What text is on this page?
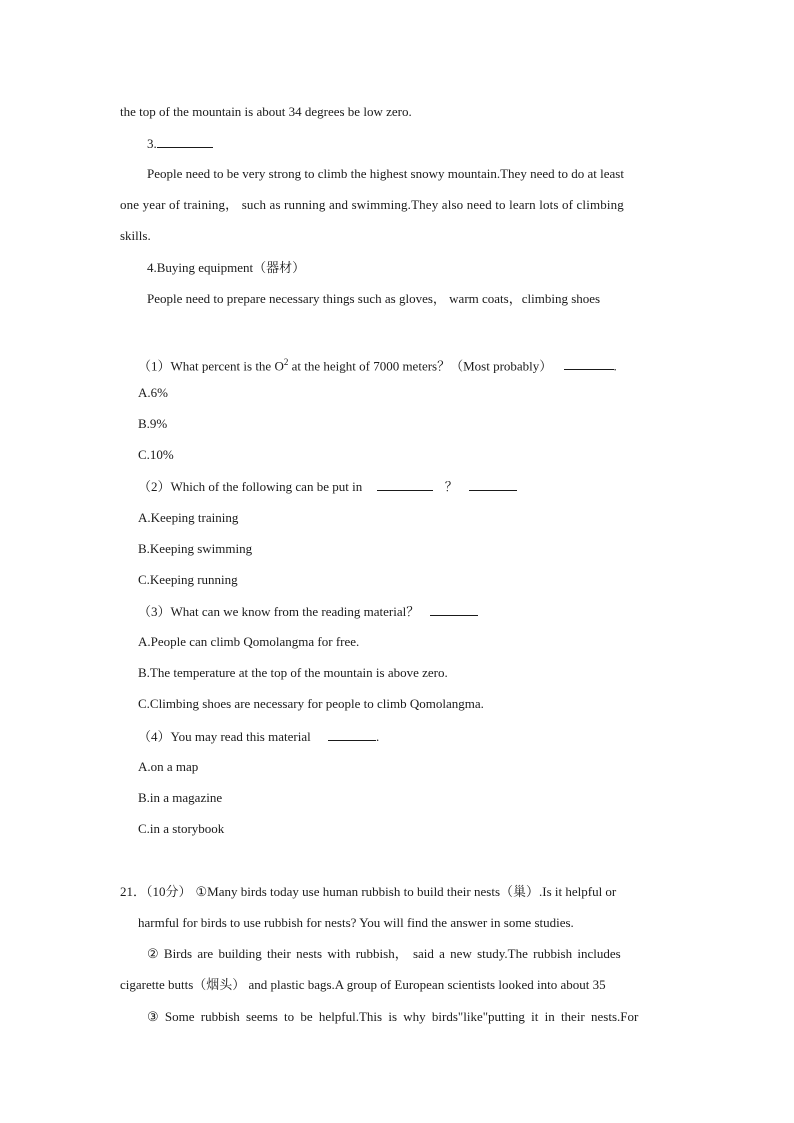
the top of the mountain is about 34 degrees be low zero.
3.
People need to be very strong to climb the highest snowy mountain.They need to do at least
one year of training， such as running and swimming.They also need to learn lots of climbing
skills.
4.Buying equipment（器材）
People need to prepare necessary things such as gloves， warm coats，climbing shoes
（1）What percent is the $O^2$ at the height of 7000 meters？（Most probably）	.
A.6%
B.9%
C.10%
（2）Which of the following can be put in	？
A.Keeping training
B.Keeping swimming
C.Keeping running
（3）What can we know from the reading material？
A.People can climb Qomolangma for free.
B.The temperature at the top of the mountain is above zero.
C.Climbing shoes are necessary for people to climb Qomolangma.
（4）You may read this material	.
A.on a map
B.in a magazine
C.in a storybook
21．（10分） ①Many birds today use human rubbish to build their nests（巢）.Is it helpful or
harmful for birds to use rubbish for nests? You will find the answer in some studies.
② Birds are building their nests with rubbish， said a new study.The rubbish includes
cigarette butts（烟头） and plastic bags.A group of European scientists looked into about 35
③ Some rubbish seems to be helpful.This is why birds"like"putting it in their nests.For
